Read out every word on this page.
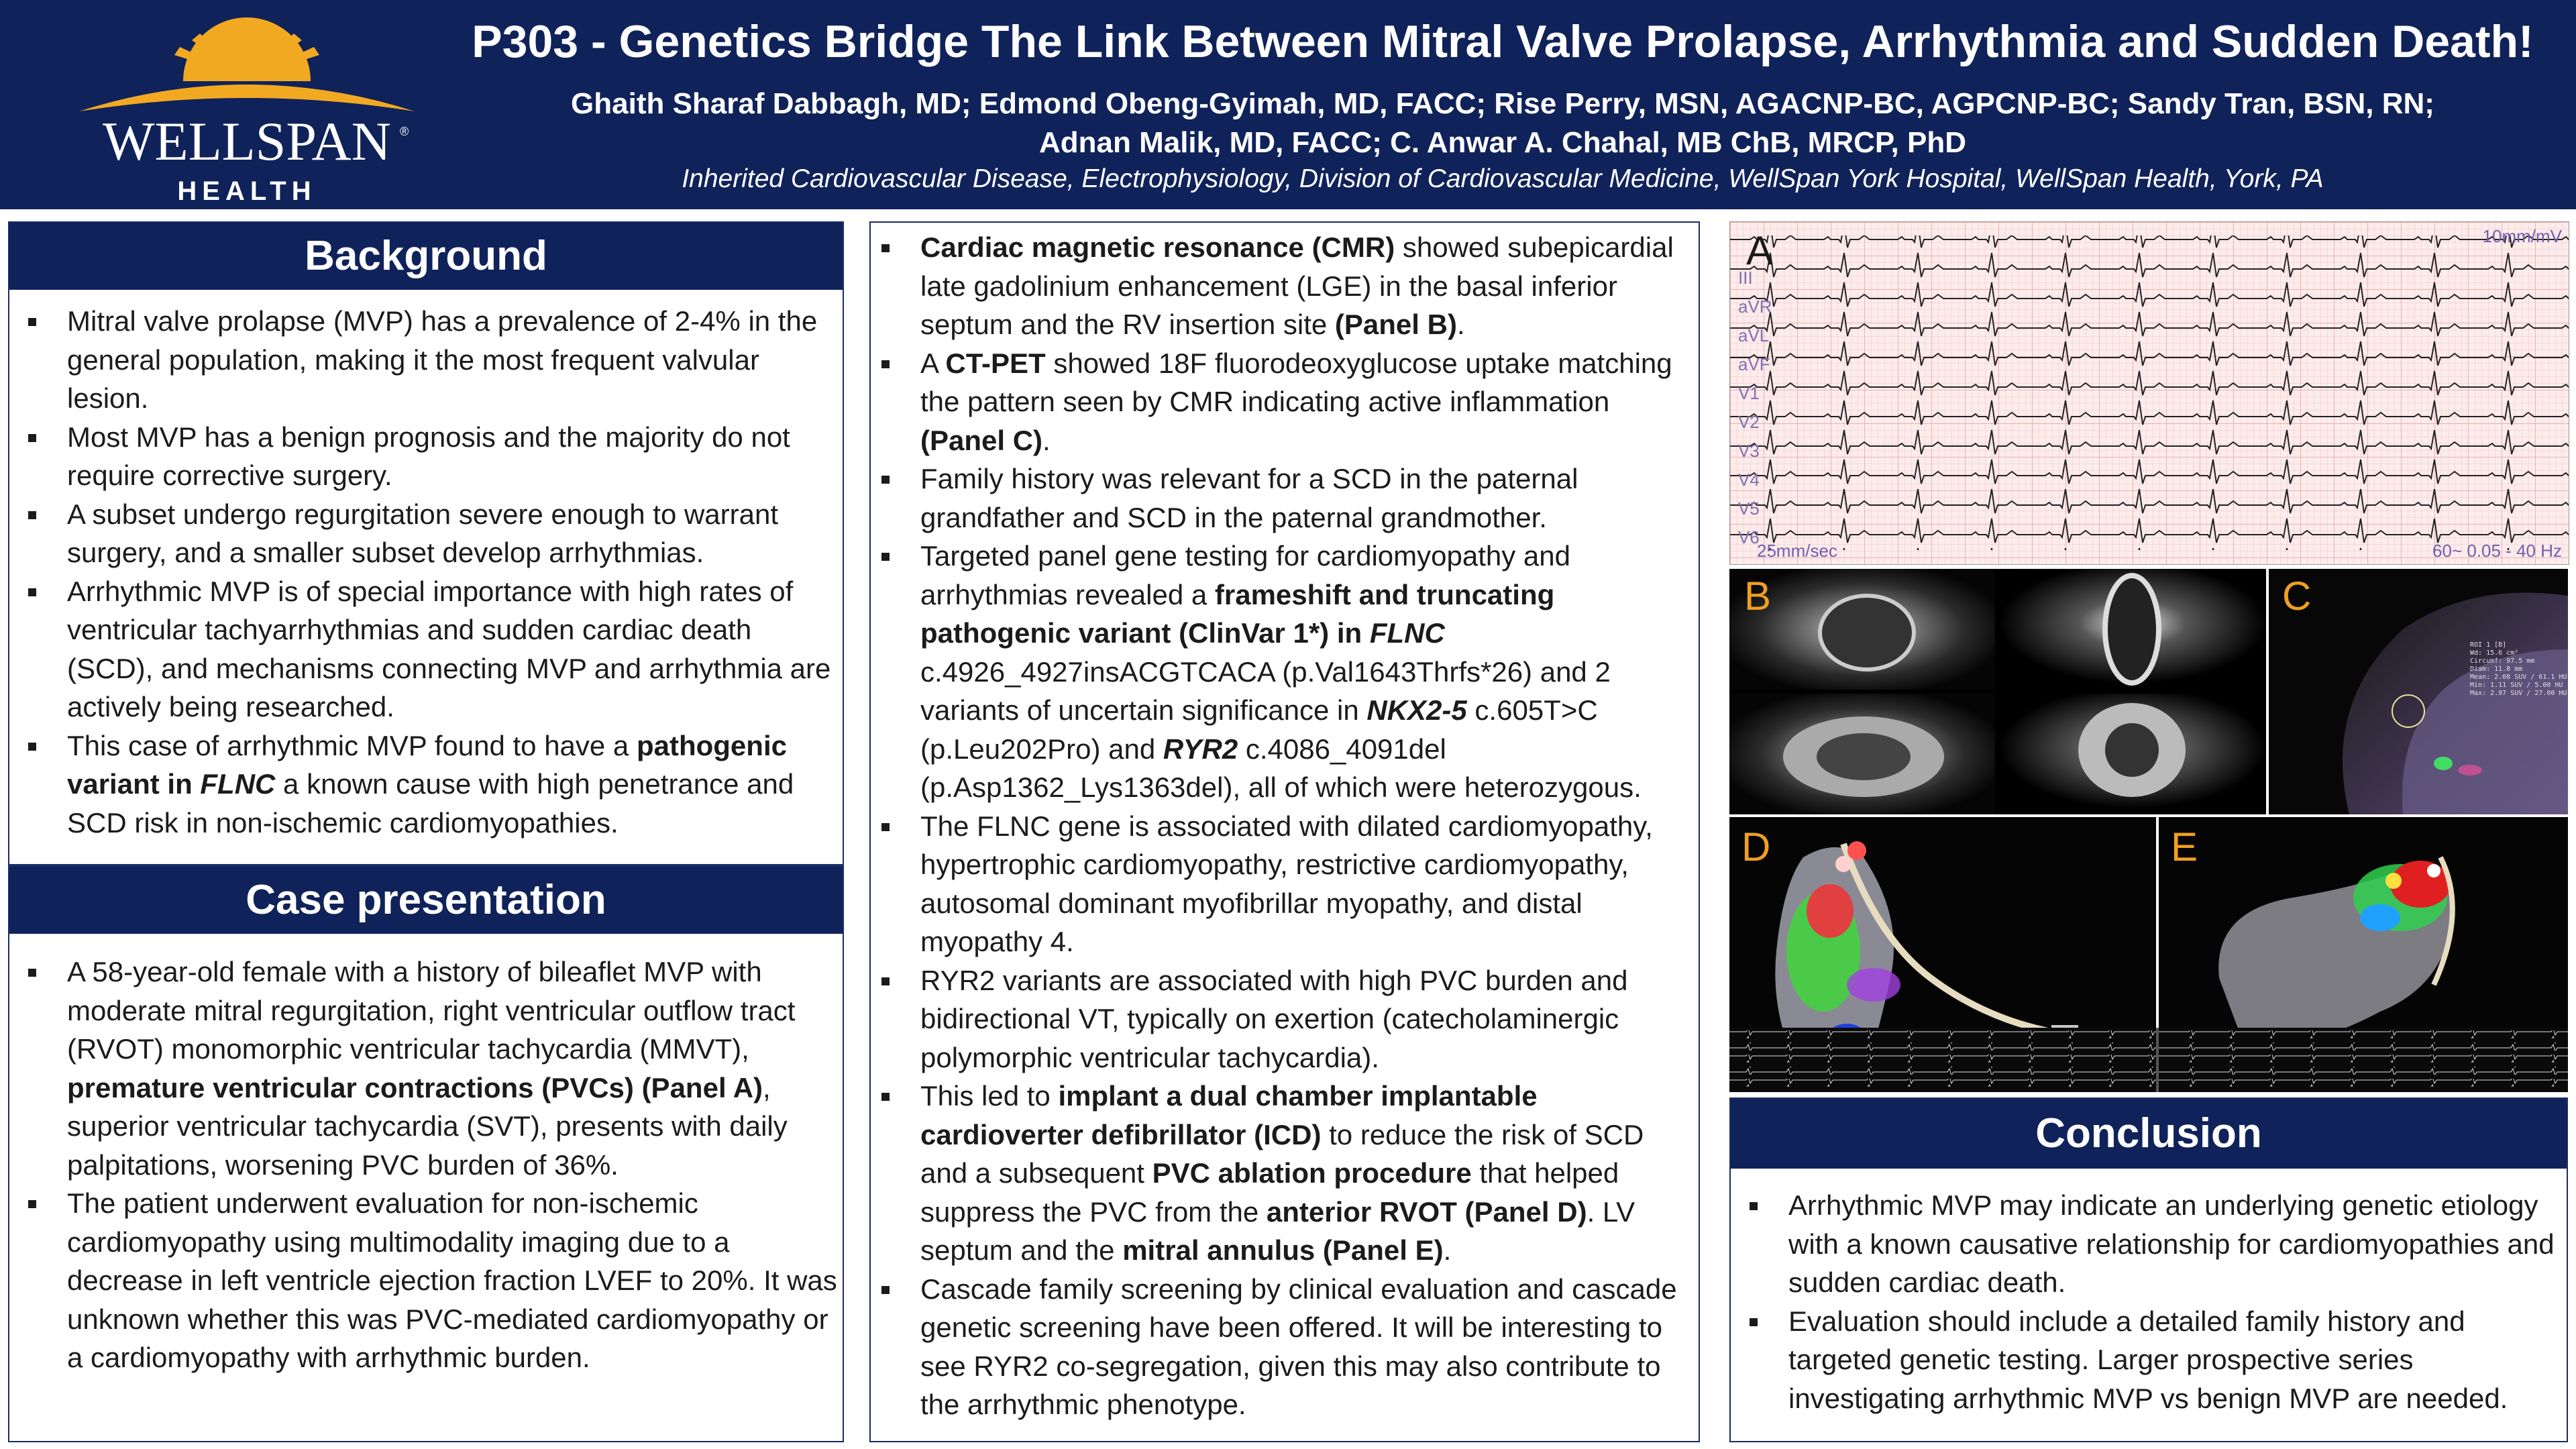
WELLSPAN ®
HEALTH
P303 - Genetics Bridge The Link Between Mitral Valve Prolapse, Arrhythmia and Sudden Death!
Ghaith Sharaf Dabbagh, MD; Edmond Obeng-Gyimah, MD, FACC; Rise Perry, MSN, AGACNP-BC, AGPCNP-BC; Sandy Tran, BSN, RN;
Adnan Malik, MD, FACC; C. Anwar A. Chahal, MB ChB, MRCP, PhD
Inherited Cardiovascular Disease, Electrophysiology, Division of Cardiovascular Medicine, WellSpan York Hospital, WellSpan Health, York, PA
Background
Mitral valve prolapse (MVP) has a prevalence of 2-4% in the general population, making it the most frequent valvular lesion.
Most MVP has a benign prognosis and the majority do not require corrective surgery.
A subset undergo regurgitation severe enough to warrant surgery, and a smaller subset develop arrhythmias.
Arrhythmic MVP is of special importance with high rates of ventricular tachyarrhythmias and sudden cardiac death (SCD), and mechanisms connecting MVP and arrhythmia are actively being researched.
This case of arrhythmic MVP found to have a pathogenic variant in FLNC a known cause with high penetrance and SCD risk in non-ischemic cardiomyopathies.
Case presentation
A 58-year-old female with a history of bileaflet MVP with moderate mitral regurgitation, right ventricular outflow tract (RVOT) monomorphic ventricular tachycardia (MMVT), premature ventricular contractions (PVCs) (Panel A), superior ventricular tachycardia (SVT), presents with daily palpitations, worsening PVC burden of 36%.
The patient underwent evaluation for non-ischemic cardiomyopathy using multimodality imaging due to a decrease in left ventricle ejection fraction LVEF to 20%. It was unknown whether this was PVC-mediated cardiomyopathy or a cardiomyopathy with arrhythmic burden.
Cardiac magnetic resonance (CMR) showed subepicardial late gadolinium enhancement (LGE) in the basal inferior septum and the RV insertion site (Panel B).
A CT-PET showed 18F fluorodeoxyglucose uptake matching the pattern seen by CMR indicating active inflammation (Panel C).
Family history was relevant for a SCD in the paternal grandfather and SCD in the paternal grandmother.
Targeted panel gene testing for cardiomyopathy and arrhythmias revealed a frameshift and truncating pathogenic variant (ClinVar 1*) in FLNC c.4926_4927insACGTCACA (p.Val1643Thrfs*26) and 2 variants of uncertain significance in NKX2-5 c.605T>C (p.Leu202Pro) and RYR2 c.4086_4091del (p.Asp1362_Lys1363del), all of which were heterozygous.
The FLNC gene is associated with dilated cardiomyopathy, hypertrophic cardiomyopathy, restrictive cardiomyopathy, autosomal dominant myofibrillar myopathy, and distal myopathy 4.
RYR2 variants are associated with high PVC burden and bidirectional VT, typically on exertion (catecholaminergic polymorphic ventricular tachycardia).
This led to implant a dual chamber implantable cardioverter defibrillator (ICD) to reduce the risk of SCD and a subsequent PVC ablation procedure that helped suppress the PVC from the anterior RVOT (Panel D). LV septum and the mitral annulus (Panel E).
Cascade family screening by clinical evaluation and cascade genetic screening have been offered. It will be interesting to see RYR2 co-segregation, given this may also contribute to the arrhythmic phenotype.
A	10mm/mV
25mm/sec	60~ 0.05 - 40 Hz
III
aVR
aVL
aVF
V1
V2
V3
V4
V5
V6
B	C
ROI 1 [B]
Wd: 15.6 cm²
Circumf: 97.5 mm
Diam: 11.8 mm
Mean: 2.08 SUV / 61.1 HU
Min: 1.11 SUV / 5.00 HU
Max: 2.97 SUV / 27.00 HU
D	E
Conclusion
Arrhythmic MVP may indicate an underlying genetic etiology with a known causative relationship for cardiomyopathies and sudden cardiac death.
Evaluation should include a detailed family history and targeted genetic testing. Larger prospective series investigating arrhythmic MVP vs benign MVP are needed.
